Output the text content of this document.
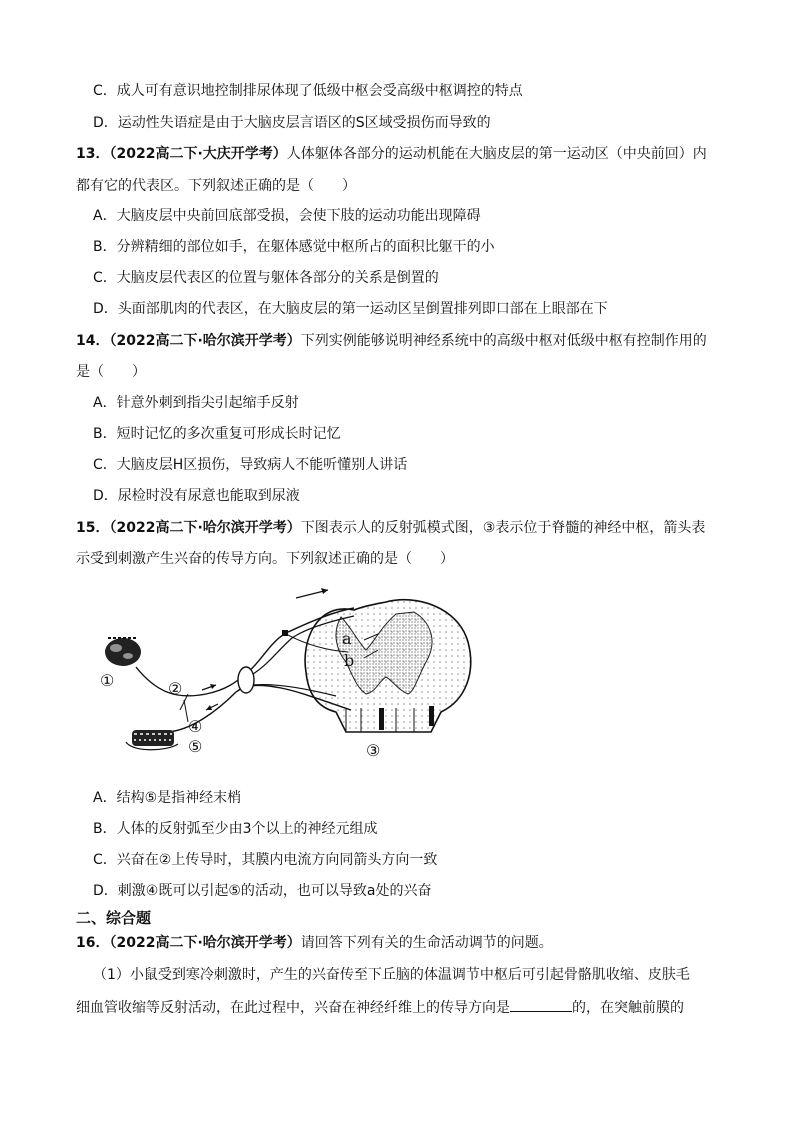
C．成人可有意识地控制排尿体现了低级中枢会受高级中枢调控的特点
D．运动性失语症是由于大脑皮层言语区的S区域受损伤而导致的
13．（2022高二下·大庆开学考）人体躯体各部分的运动机能在大脑皮层的第一运动区（中央前回）内
都有它的代表区。下列叙述正确的是（　　）
A．大脑皮层中央前回底部受损，会使下肢的运动功能出现障碍
B．分辨精细的部位如手，在躯体感觉中枢所占的面积比躯干的小
C．大脑皮层代表区的位置与躯体各部分的关系是倒置的
D．头面部肌肉的代表区，在大脑皮层的第一运动区呈倒置排列即口部在上眼部在下
14．（2022高二下·哈尔滨开学考）下列实例能够说明神经系统中的高级中枢对低级中枢有控制作用的
是（　　）
A．针意外刺到指尖引起缩手反射
B．短时记忆的多次重复可形成长时记忆
C．大脑皮层H区损伤，导致病人不能听懂别人讲话
D．尿检时没有尿意也能取到尿液
15．（2022高二下·哈尔滨开学考）下图表示人的反射弧模式图，③表示位于脊髓的神经中枢，箭头表
示受到刺激产生兴奋的传导方向。下列叙述正确的是（　　）
①	②
③
④
⑤
a
b
A．结构⑤是指神经末梢
B．人体的反射弧至少由3个以上的神经元组成
C．兴奋在②上传导时，其膜内电流方向同箭头方向一致
D．刺激④既可以引起⑤的活动，也可以导致a处的兴奋
二、综合题
16．（2022高二下·哈尔滨开学考）请回答下列有关的生命活动调节的问题。
（1）小鼠受到寒冷刺激时，产生的兴奋传至下丘脑的体温调节中枢后可引起骨骼肌收缩、皮肤毛
细血管收缩等反射活动，在此过程中，兴奋在神经纤维上的传导方向是	的，在突触前膜的
